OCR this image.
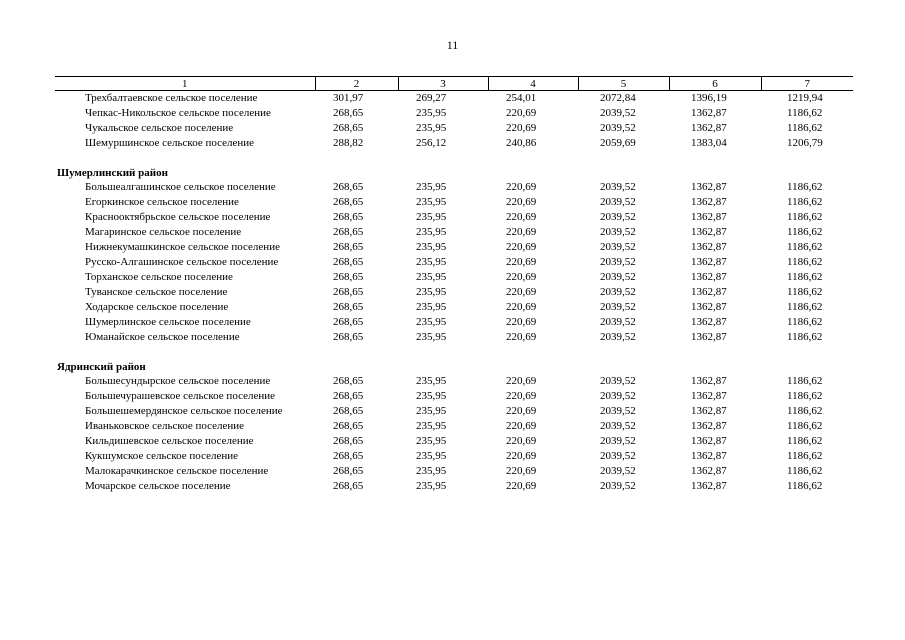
11
1	2	3	4	5	6	7
Трехбалтаевское сельское поселение	301,97	269,27	254,01	2072,84	1396,19	1219,94
Чепкас-Никольское сельское поселение	268,65	235,95	220,69	2039,52	1362,87	1186,62
Чукальское сельское поселение	268,65	235,95	220,69	2039,52	1362,87	1186,62
Шемуршинское сельское поселение	288,82	256,12	240,86	2059,69	1383,04	1206,79

Шумерлинский район						
Большеалгашинское сельское поселение	268,65	235,95	220,69	2039,52	1362,87	1186,62
Егоркинское сельское поселение	268,65	235,95	220,69	2039,52	1362,87	1186,62
Краснооктябрьское сельское поселение	268,65	235,95	220,69	2039,52	1362,87	1186,62
Магаринское сельское поселение	268,65	235,95	220,69	2039,52	1362,87	1186,62
Нижнекумашкинское сельское поселение	268,65	235,95	220,69	2039,52	1362,87	1186,62
Русско-Алгашинское сельское поселение	268,65	235,95	220,69	2039,52	1362,87	1186,62
Торханское сельское поселение	268,65	235,95	220,69	2039,52	1362,87	1186,62
Туванское сельское поселение	268,65	235,95	220,69	2039,52	1362,87	1186,62
Ходарское сельское поселение	268,65	235,95	220,69	2039,52	1362,87	1186,62
Шумерлинское сельское поселение	268,65	235,95	220,69	2039,52	1362,87	1186,62
Юманайское сельское поселение	268,65	235,95	220,69	2039,52	1362,87	1186,62

Ядринский район						
Большесундырское сельское поселение	268,65	235,95	220,69	2039,52	1362,87	1186,62
Большечурашевское сельское поселение	268,65	235,95	220,69	2039,52	1362,87	1186,62
Большешемердянское сельское поселение	268,65	235,95	220,69	2039,52	1362,87	1186,62
Иваньковское сельское поселение	268,65	235,95	220,69	2039,52	1362,87	1186,62
Кильдишевское сельское поселение	268,65	235,95	220,69	2039,52	1362,87	1186,62
Кукшумское сельское поселение	268,65	235,95	220,69	2039,52	1362,87	1186,62
Малокарачкинское сельское поселение	268,65	235,95	220,69	2039,52	1362,87	1186,62
Мочарское сельское поселение	268,65	235,95	220,69	2039,52	1362,87	1186,62
